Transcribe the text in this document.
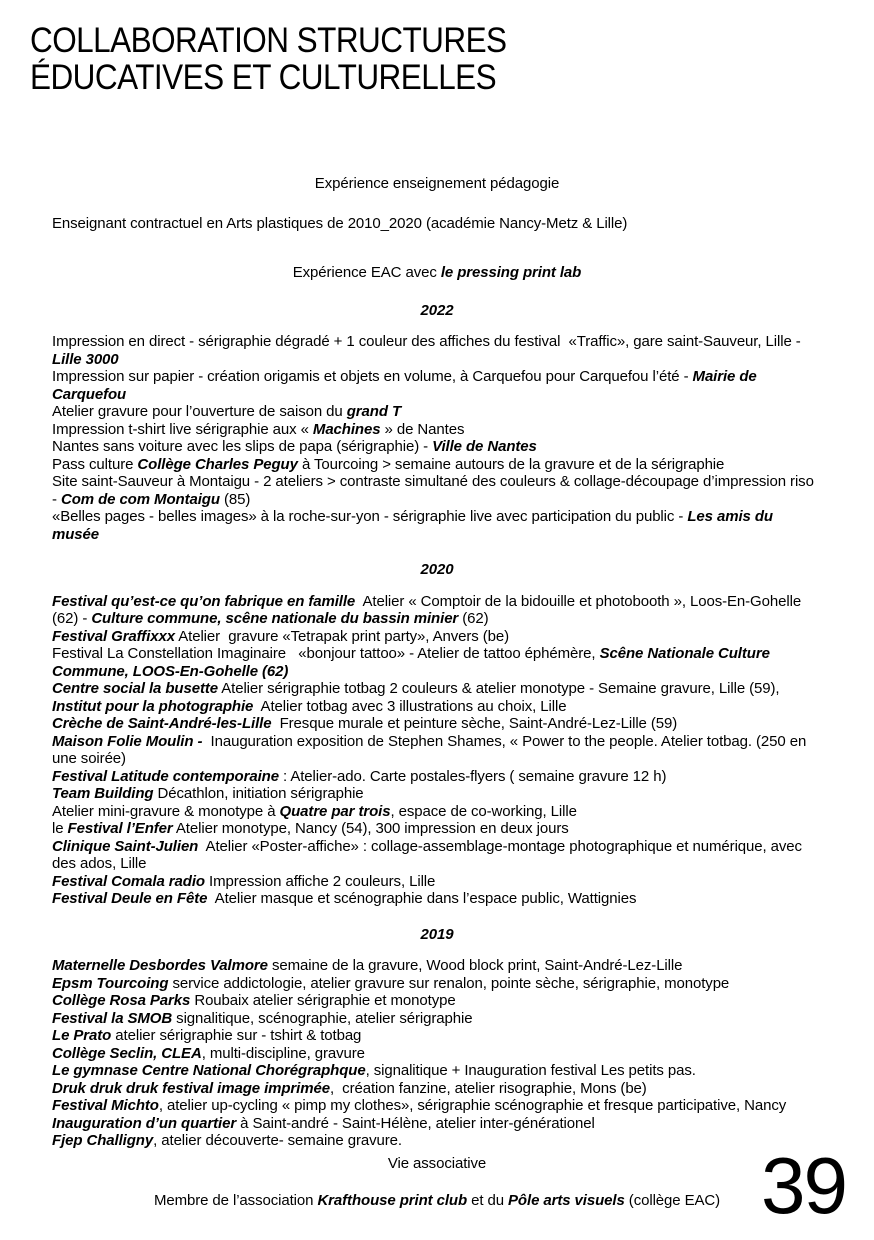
COLLABORATION STRUCTURES
ÉDUCATIVES ET CULTURELLES

Expérience enseignement pédagogie

Enseignant contractuel en Arts plastiques de 2010_2020 (académie Nancy-Metz & Lille)

Expérience EAC avec le pressing print lab

2022

Impression en direct - sérigraphie dégradé + 1 couleur des affiches du festival  «Traffic», gare saint-Sauveur, Lille - Lille 3000

Impression sur papier - création origamis et objets en volume, à Carquefou pour Carquefou l’été - Mairie de Carquefou

Atelier gravure pour l’ouverture de saison du grand T

Impression t-shirt live sérigraphie aux « Machines » de Nantes

Nantes sans voiture avec les slips de papa (sérigraphie) - Ville de Nantes

Pass culture Collège Charles Peguy à Tourcoing > semaine autours de la gravure et de la sérigraphie

Site saint-Sauveur à Montaigu - 2 ateliers > contraste simultané des couleurs & collage-découpage d’impression riso - Com de com Montaigu (85)

«Belles pages - belles images» à la roche-sur-yon - sérigraphie live avec participation du public - Les amis du musée

2020

Festival qu’est-ce qu’on fabrique en famille  Atelier « Comptoir de la bidouille et photobooth », Loos-En-Gohelle (62) - Culture commune, scêne nationale du bassin minier (62)

Festival Graffixxx Atelier  gravure «Tetrapak print party», Anvers (be)

Festival La Constellation Imaginaire   «bonjour tattoo» - Atelier de tattoo éphémère, Scêne Nationale Culture Commune, LOOS-En-Gohelle (62)

Centre social la busette Atelier sérigraphie totbag 2 couleurs & atelier monotype - Semaine gravure, Lille (59),

Institut pour la photographie  Atelier totbag avec 3 illustrations au choix, Lille

Crèche de Saint-André-les-Lille  Fresque murale et peinture sèche, Saint-André-Lez-Lille (59)

Maison Folie Moulin -  Inauguration exposition de Stephen Shames, « Power to the people. Atelier totbag. (250 en une soirée)

Festival Latitude contemporaine : Atelier-ado. Carte postales-flyers ( semaine gravure 12 h)

Team Building Décathlon, initiation sérigraphie

Atelier mini-gravure & monotype à Quatre par trois, espace de co-working, Lille

le Festival l’Enfer Atelier monotype, Nancy (54), 300 impression en deux jours

Clinique Saint-Julien  Atelier «Poster-affiche» : collage-assemblage-montage photographique et numérique, avec des ados, Lille

Festival Comala radio Impression affiche 2 couleurs, Lille

Festival Deule en Fête  Atelier masque et scénographie dans l’espace public, Wattignies

2019

Maternelle Desbordes Valmore semaine de la gravure, Wood block print, Saint-André-Lez-Lille

Epsm Tourcoing service addictologie, atelier gravure sur renalon, pointe sèche, sérigraphie, monotype

Collège Rosa Parks Roubaix atelier sérigraphie et monotype

Festival la SMOB signalitique, scénographie, atelier sérigraphie

Le Prato atelier sérigraphie sur - tshirt & totbag

Collège Seclin, CLEA, multi-discipline, gravure

Le gymnase Centre National Chorégraphque, signalitique + Inauguration festival Les petits pas.

Druk druk druk festival image imprimée,  création fanzine, atelier risographie, Mons (be)

Festival Michto, atelier up-cycling « pimp my clothes», sérigraphie scénographie et fresque participative, Nancy

Inauguration d’un quartier à Saint-andré - Saint-Hélène, atelier inter-générationel

Fjep Challigny, atelier découverte- semaine gravure.

Vie associative

Membre de l’association Krafthouse print club et du Pôle arts visuels (collège EAC) 39
